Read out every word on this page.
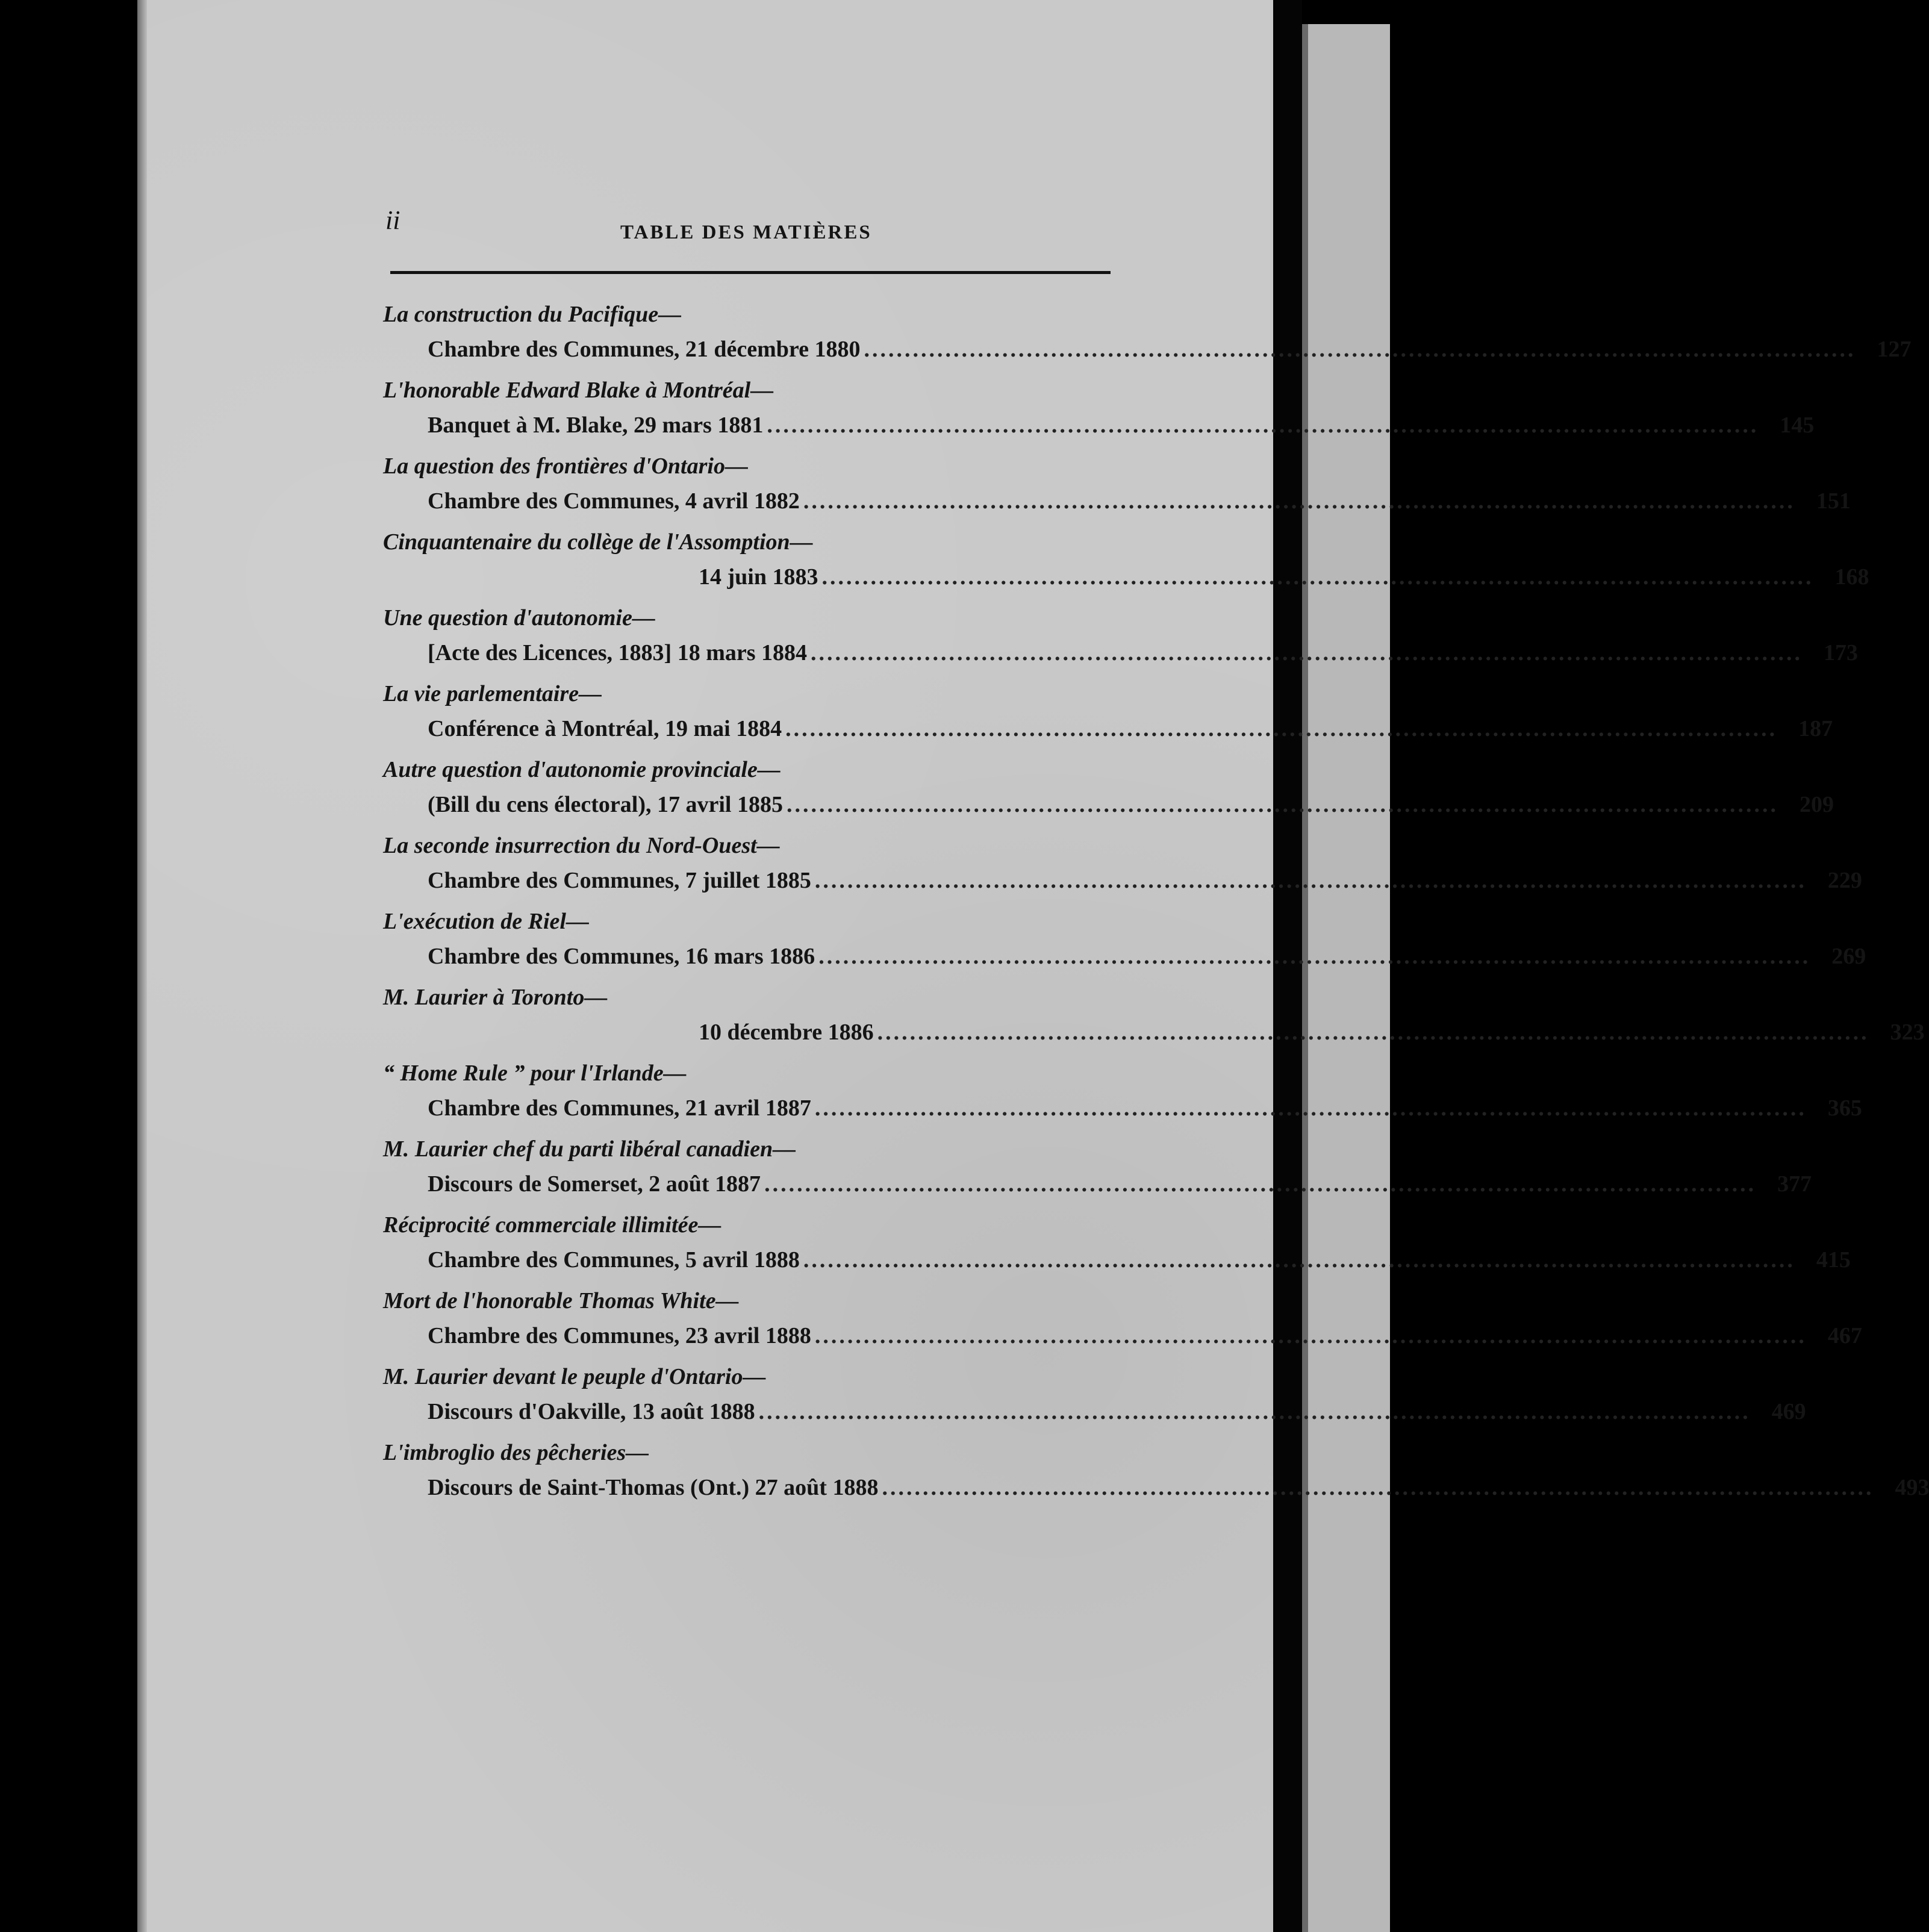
ii	TABLE DES MATIÈRES
La construction du Pacifique—
Chambre des Communes, 21 décembre 1880 .......................................................................................................................... 127
L'honorable Edward Blake à Montréal—
Banquet à M. Blake, 29 mars 1881 .......................................................................................................................... 145
La question des frontières d'Ontario—
Chambre des Communes, 4 avril 1882 .......................................................................................................................... 151
Cinquantenaire du collège de l'Assomption—
14 juin 1883 .......................................................................................................................... 168
Une question d'autonomie—
[Acte des Licences, 1883] 18 mars 1884 .......................................................................................................................... 173
La vie parlementaire—
Conférence à Montréal, 19 mai 1884 .......................................................................................................................... 187
Autre question d'autonomie provinciale—
(Bill du cens électoral), 17 avril 1885 .......................................................................................................................... 209
La seconde insurrection du Nord-Ouest—
Chambre des Communes, 7 juillet 1885 .......................................................................................................................... 229
L'exécution de Riel—
Chambre des Communes, 16 mars 1886 .......................................................................................................................... 269
M. Laurier à Toronto—
10 décembre 1886 .......................................................................................................................... 323
“ Home Rule ” pour l'Irlande—
Chambre des Communes, 21 avril 1887 .......................................................................................................................... 365
M. Laurier chef du parti libéral canadien—
Discours de Somerset, 2 août 1887 .......................................................................................................................... 377
Réciprocité commerciale illimitée—
Chambre des Communes, 5 avril 1888 .......................................................................................................................... 415
Mort de l'honorable Thomas White—
Chambre des Communes, 23 avril 1888 .......................................................................................................................... 467
M. Laurier devant le peuple d'Ontario—
Discours d'Oakville, 13 août 1888 .......................................................................................................................... 469
L'imbroglio des pêcheries—
Discours de Saint-Thomas (Ont.) 27 août 1888 .......................................................................................................................... 493
